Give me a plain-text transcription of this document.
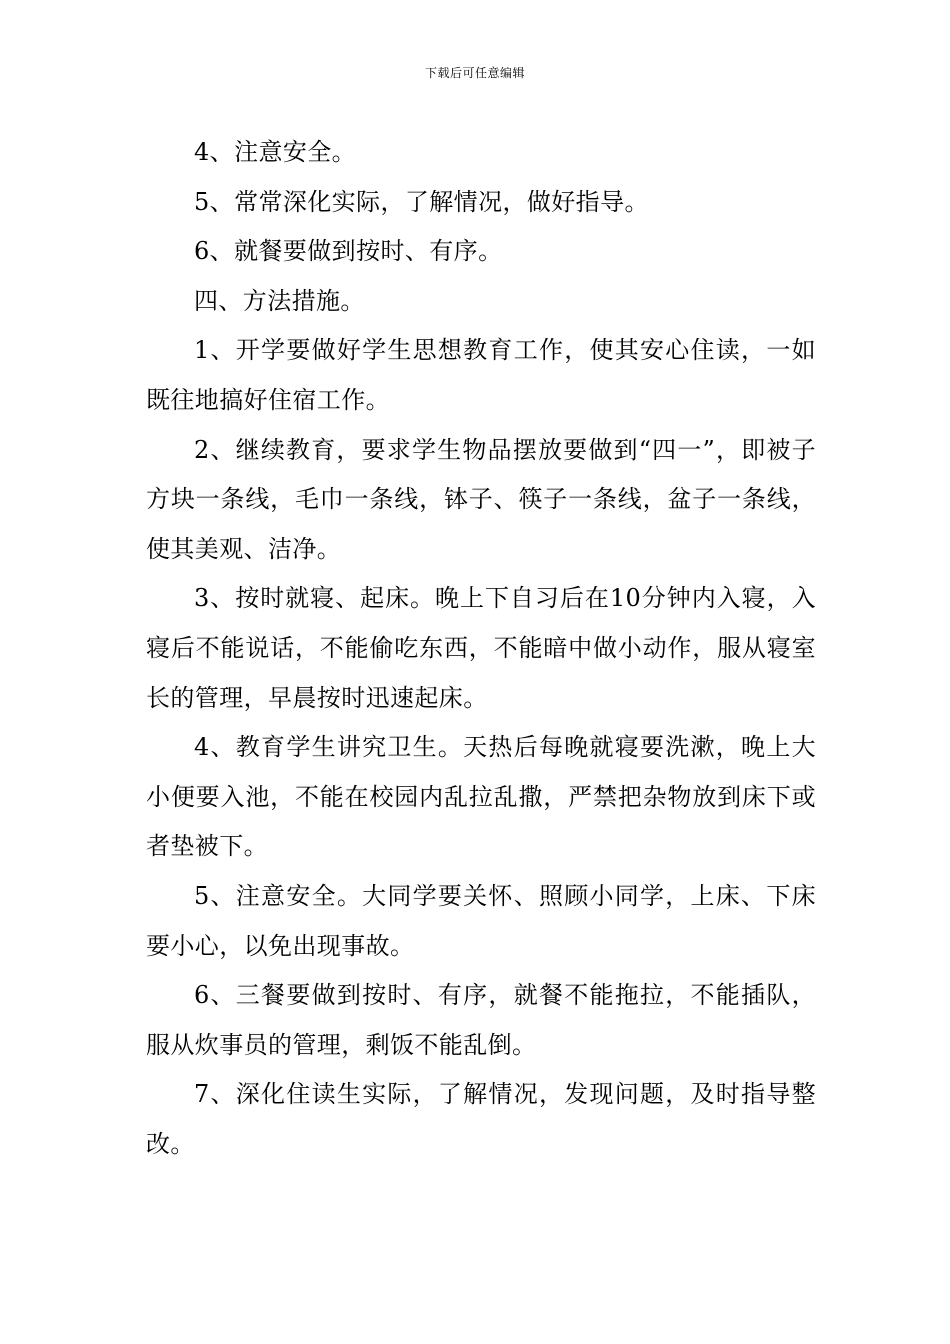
下载后可任意编辑

4、注意安全。

5、常常深化实际，了解情况，做好指导。

6、就餐要做到按时、有序。

四、方法措施。

1、开学要做好学生思想教育工作，使其安心住读，一如既往地搞好住宿工作。

2、继续教育，要求学生物品摆放要做到“四一”，即被子方块一条线，毛巾一条线，钵子、筷子一条线，盆子一条线，使其美观、洁净。

3、按时就寝、起床。晚上下自习后在10分钟内入寝，入寝后不能说话，不能偷吃东西，不能暗中做小动作，服从寝室长的管理，早晨按时迅速起床。

4、教育学生讲究卫生。天热后每晚就寝要洗漱，晚上大小便要入池，不能在校园内乱拉乱撒，严禁把杂物放到床下或者垫被下。

5、注意安全。大同学要关怀、照顾小同学，上床、下床要小心，以免出现事故。

6、三餐要做到按时、有序，就餐不能拖拉，不能插队，服从炊事员的管理，剩饭不能乱倒。

7、深化住读生实际，了解情况，发现问题，及时指导整改。
